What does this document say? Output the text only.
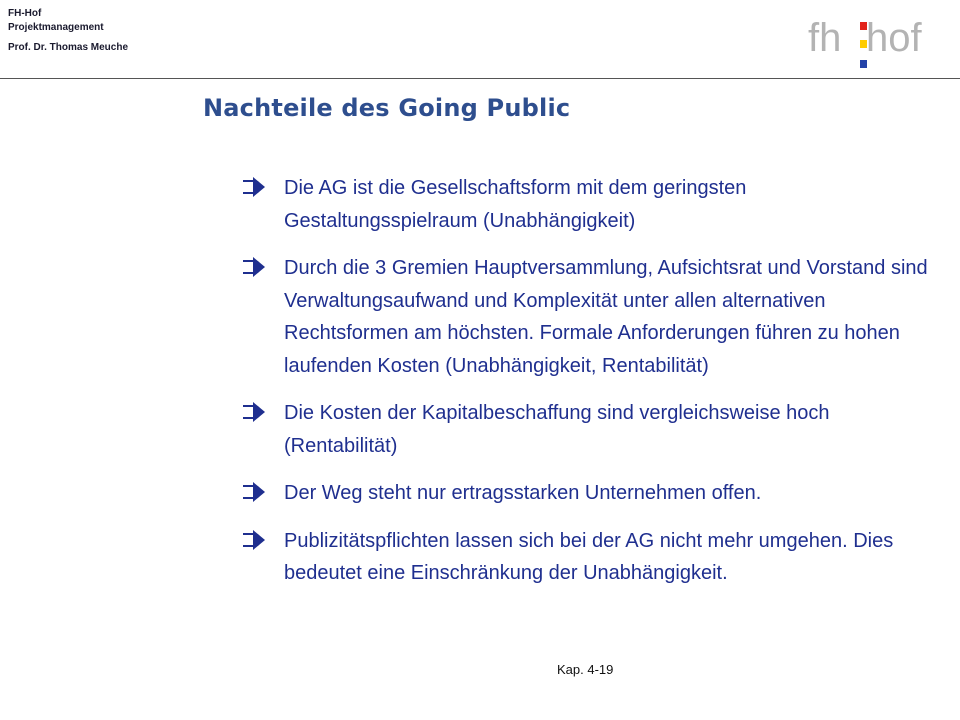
FH-Hof
Projektmanagement
Prof. Dr. Thomas Meuche	fh hof
Nachteile des Going Public
Die AG ist die Gesellschaftsform mit dem geringsten Gestaltungsspielraum (Unabhängigkeit)
Durch die 3 Gremien Hauptversammlung, Aufsichtsrat und Vorstand sind Verwaltungsaufwand und Komplexität unter allen alternativen Rechtsformen am höchsten. Formale Anforderungen führen zu hohen laufenden Kosten (Unabhängigkeit, Rentabilität)
Die Kosten der Kapitalbeschaffung sind vergleichsweise hoch (Rentabilität)
Der Weg steht nur ertragsstarken Unternehmen offen.
Publizitätspflichten lassen sich bei der AG nicht mehr umgehen. Dies bedeutet eine Einschränkung der Unabhängigkeit.
Kap. 4-19
